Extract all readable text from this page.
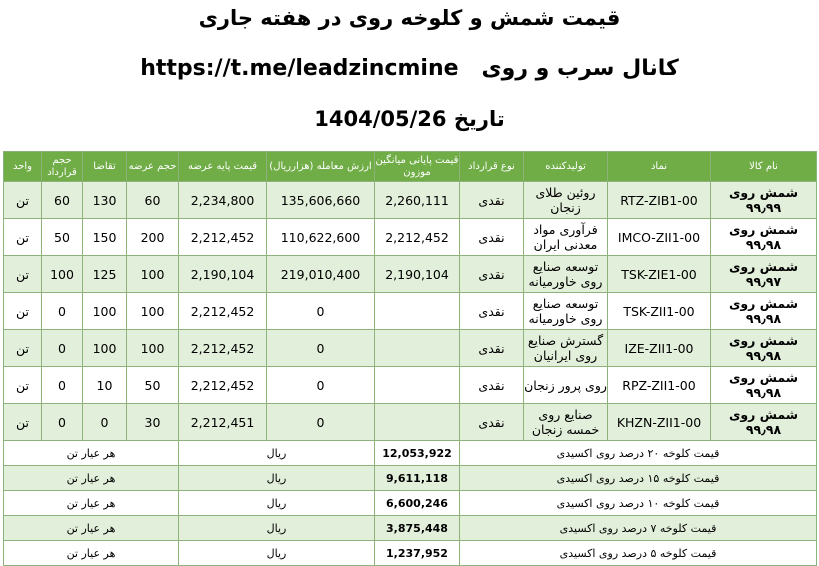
قیمت شمش و کلوخه روی در هفته جاری
کانال سرب و روی   https://t.me/leadzincmine
تاریخ 1404/05/26
نام کالا	نماد	تولیدکننده	نوع قرارداد	قیمت پایانی میانگین موزون	ارزش معامله (هزارریال)	قیمت پایه عرضه	حجم عرضه	تقاضا	حجم قرارداد	واحد
شمش روی ۹۹٫۹۹	RTZ-ZIB1-00	روئین طلای زنجان	نقدی	2,260,111	135,606,660	2,234,800	60	130	60	تن
شمش روی ۹۹٫۹۸	IMCO-ZII1-00	فرآوری مواد معدنی ایران	نقدی	2,212,452	110,622,600	2,212,452	200	150	50	تن
شمش روی ۹۹٫۹۷	TSK-ZIE1-00	توسعه صنایع روی خاورمیانه	نقدی	2,190,104	219,010,400	2,190,104	100	125	100	تن
شمش روی ۹۹٫۹۸	TSK-ZII1-00	توسعه صنایع روی خاورمیانه	نقدی		0	2,212,452	100	100	0	تن
شمش روی ۹۹٫۹۸	IZE-ZII1-00	گسترش صنایع روی ایرانیان	نقدی		0	2,212,452	100	100	0	تن
شمش روی ۹۹٫۹۸	RPZ-ZII1-00	روی پرور زنجان	نقدی		0	2,212,452	50	10	0	تن
شمش روی ۹۹٫۹۸	KHZN-ZII1-00	صنایع روی خمسه زنجان	نقدی		0	2,212,451	30	0	0	تن
قیمت کلوخه ۲۰ درصد روی اکسیدی				12,053,922	ریال		هر عیار تن			
قیمت کلوخه ۱۵ درصد روی اکسیدی				9,611,118	ریال		هر عیار تن			
قیمت کلوخه ۱۰ درصد روی اکسیدی				6,600,246	ریال		هر عیار تن			
قیمت کلوخه ۷ درصد روی اکسیدی				3,875,448	ریال		هر عیار تن			
قیمت کلوخه ۵ درصد روی اکسیدی				1,237,952	ریال		هر عیار تن			
